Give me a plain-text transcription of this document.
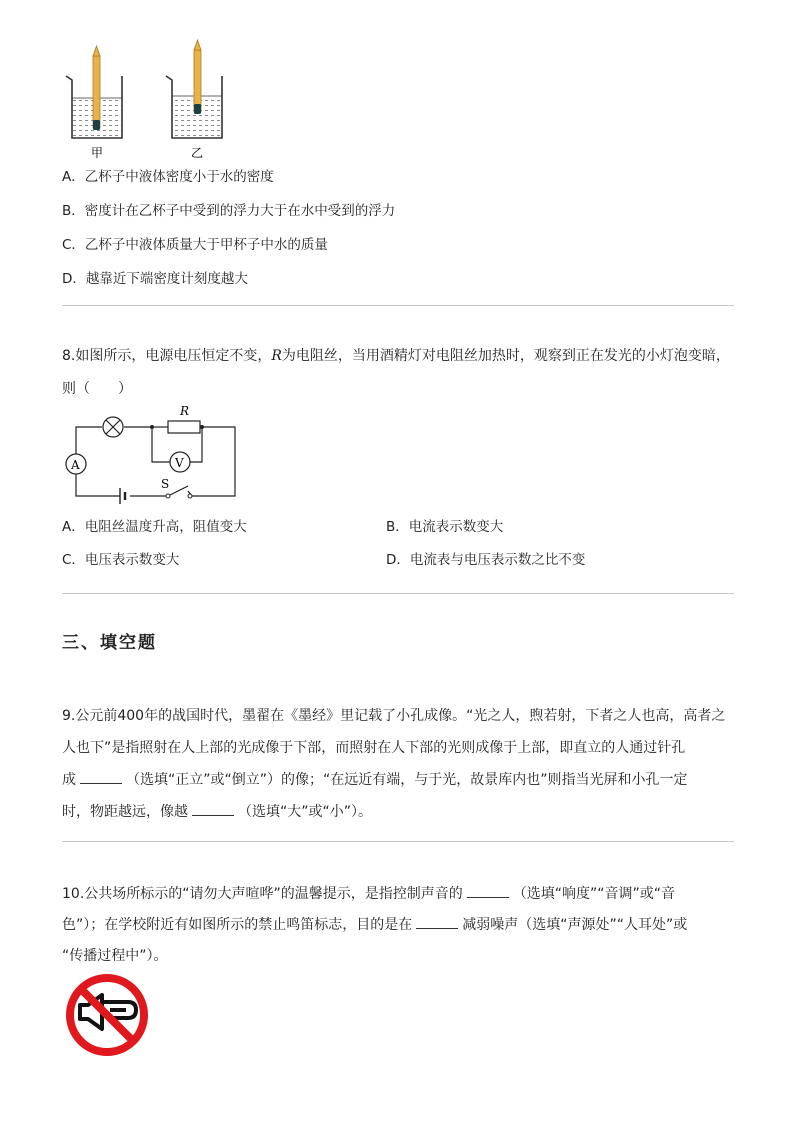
甲	乙
A．乙杯子中液体密度小于水的密度
B．密度计在乙杯子中受到的浮力大于在水中受到的浮力
C．乙杯子中液体质量大于甲杯子中水的质量
D．越靠近下端密度计刻度越大
8.如图所示，电源电压恒定不变，R为电阻丝，当用酒精灯对电阻丝加热时，观察到正在发光的小灯泡变暗，
则（　　）
R
V
A
S
A．电阻丝温度升高，阻值变大	B．电流表示数变大
C．电压表示数变大	D．电流表与电压表示数之比不变
三、填空题
9.公元前400年的战国时代，墨翟在《墨经》里记载了小孔成像。“光之人，煦若射，下者之人也高，高者之
人也下”是指照射在人上部的光成像于下部，而照射在人下部的光则成像于上部，即直立的人通过针孔
成	（选填“正立”或“倒立”）的像；“在远近有端，与于光，故景库内也”则指当光屏和小孔一定
时，物距越远，像越	（选填“大”或“小”）。
10.公共场所标示的“请勿大声喧哗”的温馨提示，是指控制声音的	（选填“响度”“音调”或“音
色”）；在学校附近有如图所示的禁止鸣笛标志，目的是在	减弱噪声（选填“声源处”“人耳处”或
“传播过程中”）。
